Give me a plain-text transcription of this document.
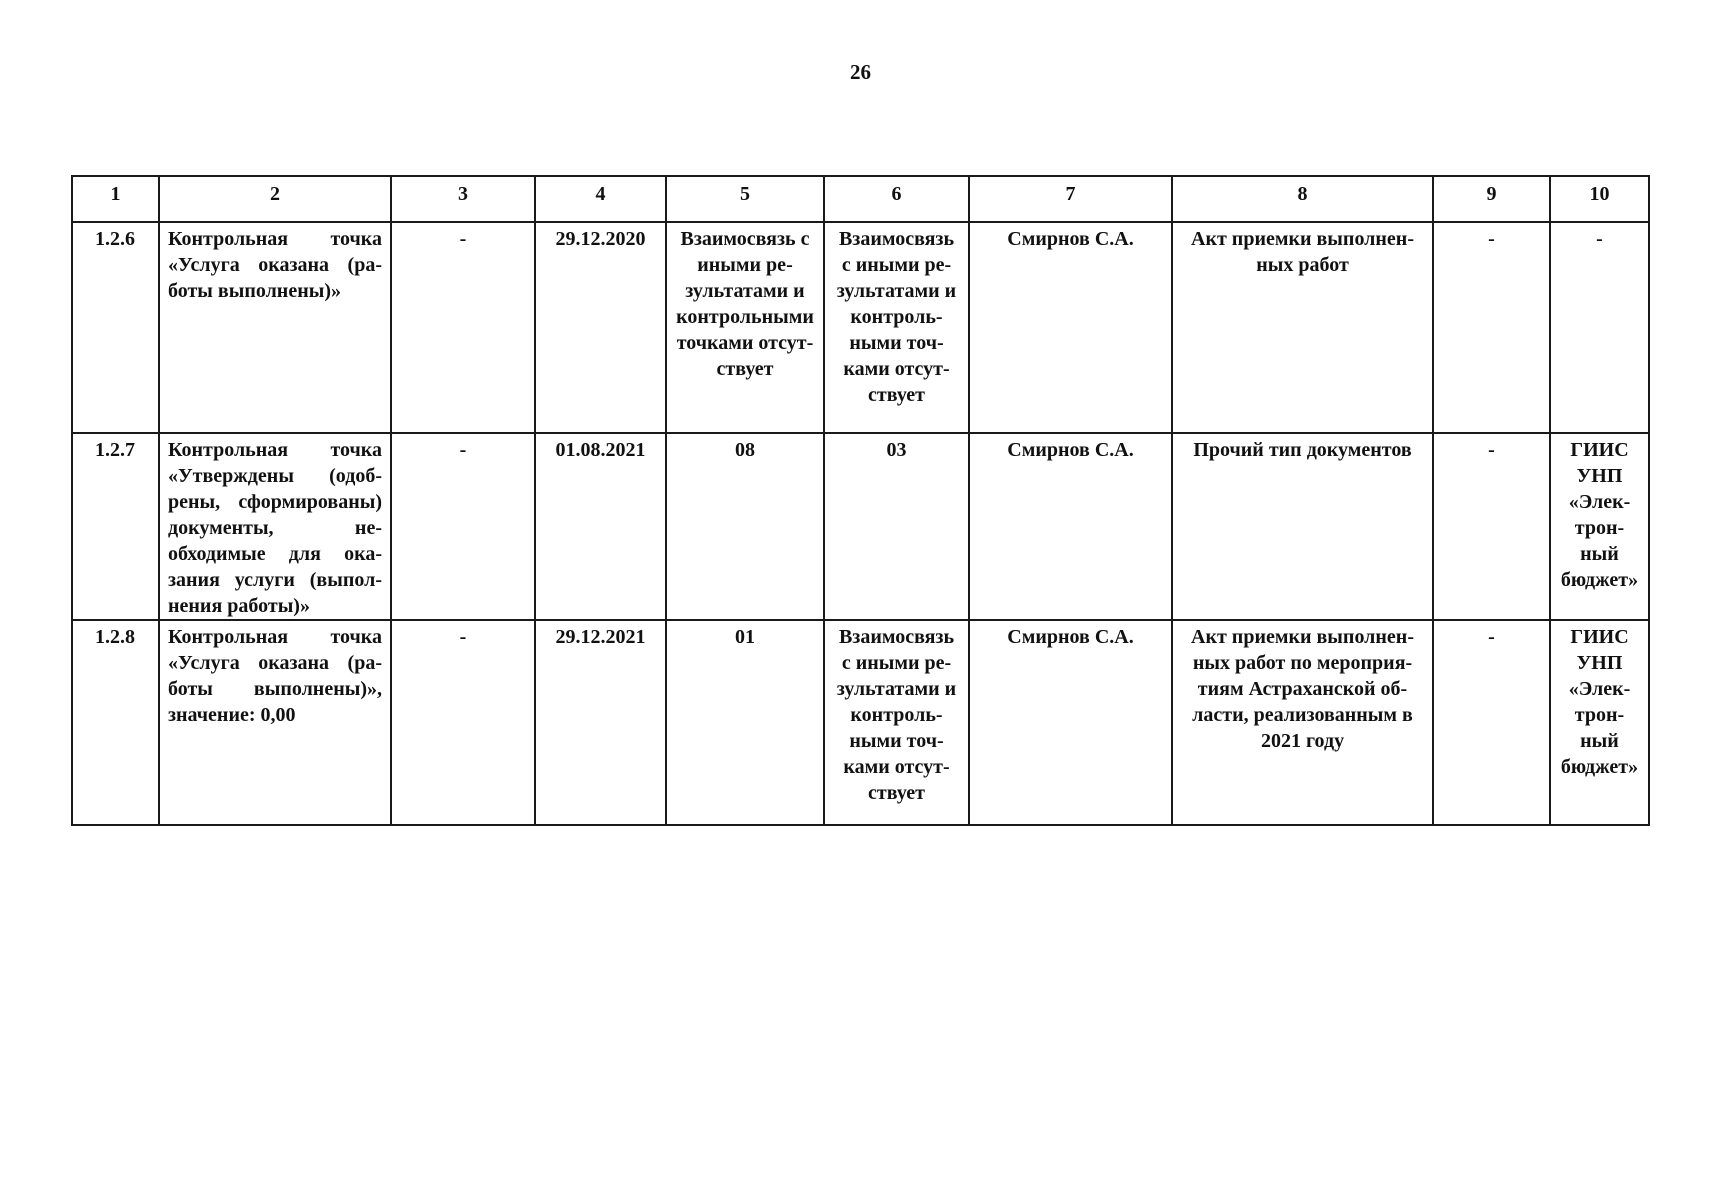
26
1	2	3	4	5	6	7	8	9	10
1.2.6	Контрольная точка «Услуга оказана (работы выполнены)»	-	29.12.2020	Взаимосвязь с иными результатами и контрольными точками отсутствует	Взаимосвязь с иными результатами и контрольными точками отсутствует	Смирнов С.А.	Акт приемки выполненных работ	-	-
1.2.7	Контрольная точка «Утверждены (одобрены, сформированы) документы, необходимые для оказания услуги (выполнения работы)»	-	01.08.2021	08	03	Смирнов С.А.	Прочий тип документов	-	ГИИС УНП «Электронный бюджет»
1.2.8	Контрольная точка «Услуга оказана (работы выполнены)», значение: 0,00	-	29.12.2021	01	Взаимосвязь с иными результатами и контрольными точками отсутствует	Смирнов С.А.	Акт приемки выполненных работ по мероприятиям Астраханской области, реализованным в 2021 году	-	ГИИС УНП «Электронный бюджет»
